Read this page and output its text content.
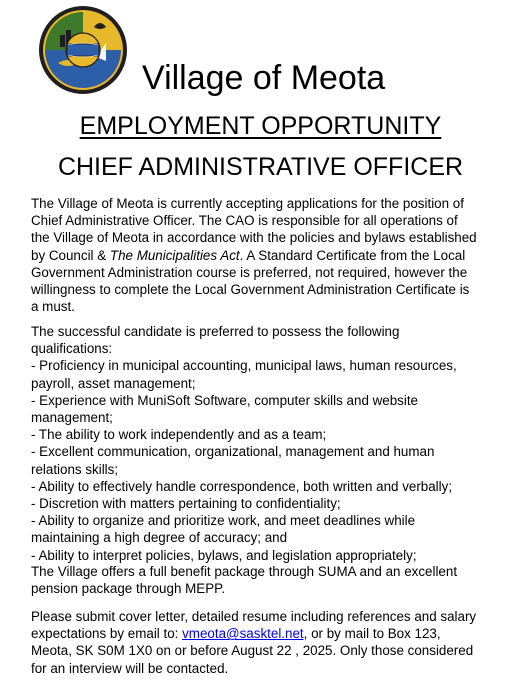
Village of Meota
EMPLOYMENT OPPORTUNITY
CHIEF ADMINISTRATIVE OFFICER
The Village of Meota is currently accepting applications for the position of
Chief Administrative Officer. The CAO is responsible for all operations of
the Village of Meota in accordance with the policies and bylaws established
by Council & The Municipalities Act. A Standard Certificate from the Local
Government Administration course is preferred, not required, however the
willingness to complete the Local Government Administration Certificate is
a must.
The successful candidate is preferred to possess the following
qualifications:
- Proficiency in municipal accounting, municipal laws, human resources,
payroll, asset management;
- Experience with MuniSoft Software, computer skills and website
management;
- The ability to work independently and as a team;
- Excellent communication, organizational, management and human
relations skills;
- Ability to effectively handle correspondence, both written and verbally;
- Discretion with matters pertaining to confidentiality;
- Ability to organize and prioritize work, and meet deadlines while
maintaining a high degree of accuracy; and
- Ability to interpret policies, bylaws, and legislation appropriately;
The Village offers a full benefit package through SUMA and an excellent
pension package through MEPP.
Please submit cover letter, detailed resume including references and salary
expectations by email to: vmeota@sasktel.net, or by mail to Box 123,
Meota, SK S0M 1X0 on or before August 22 , 2025. Only those considered
for an interview will be contacted.
